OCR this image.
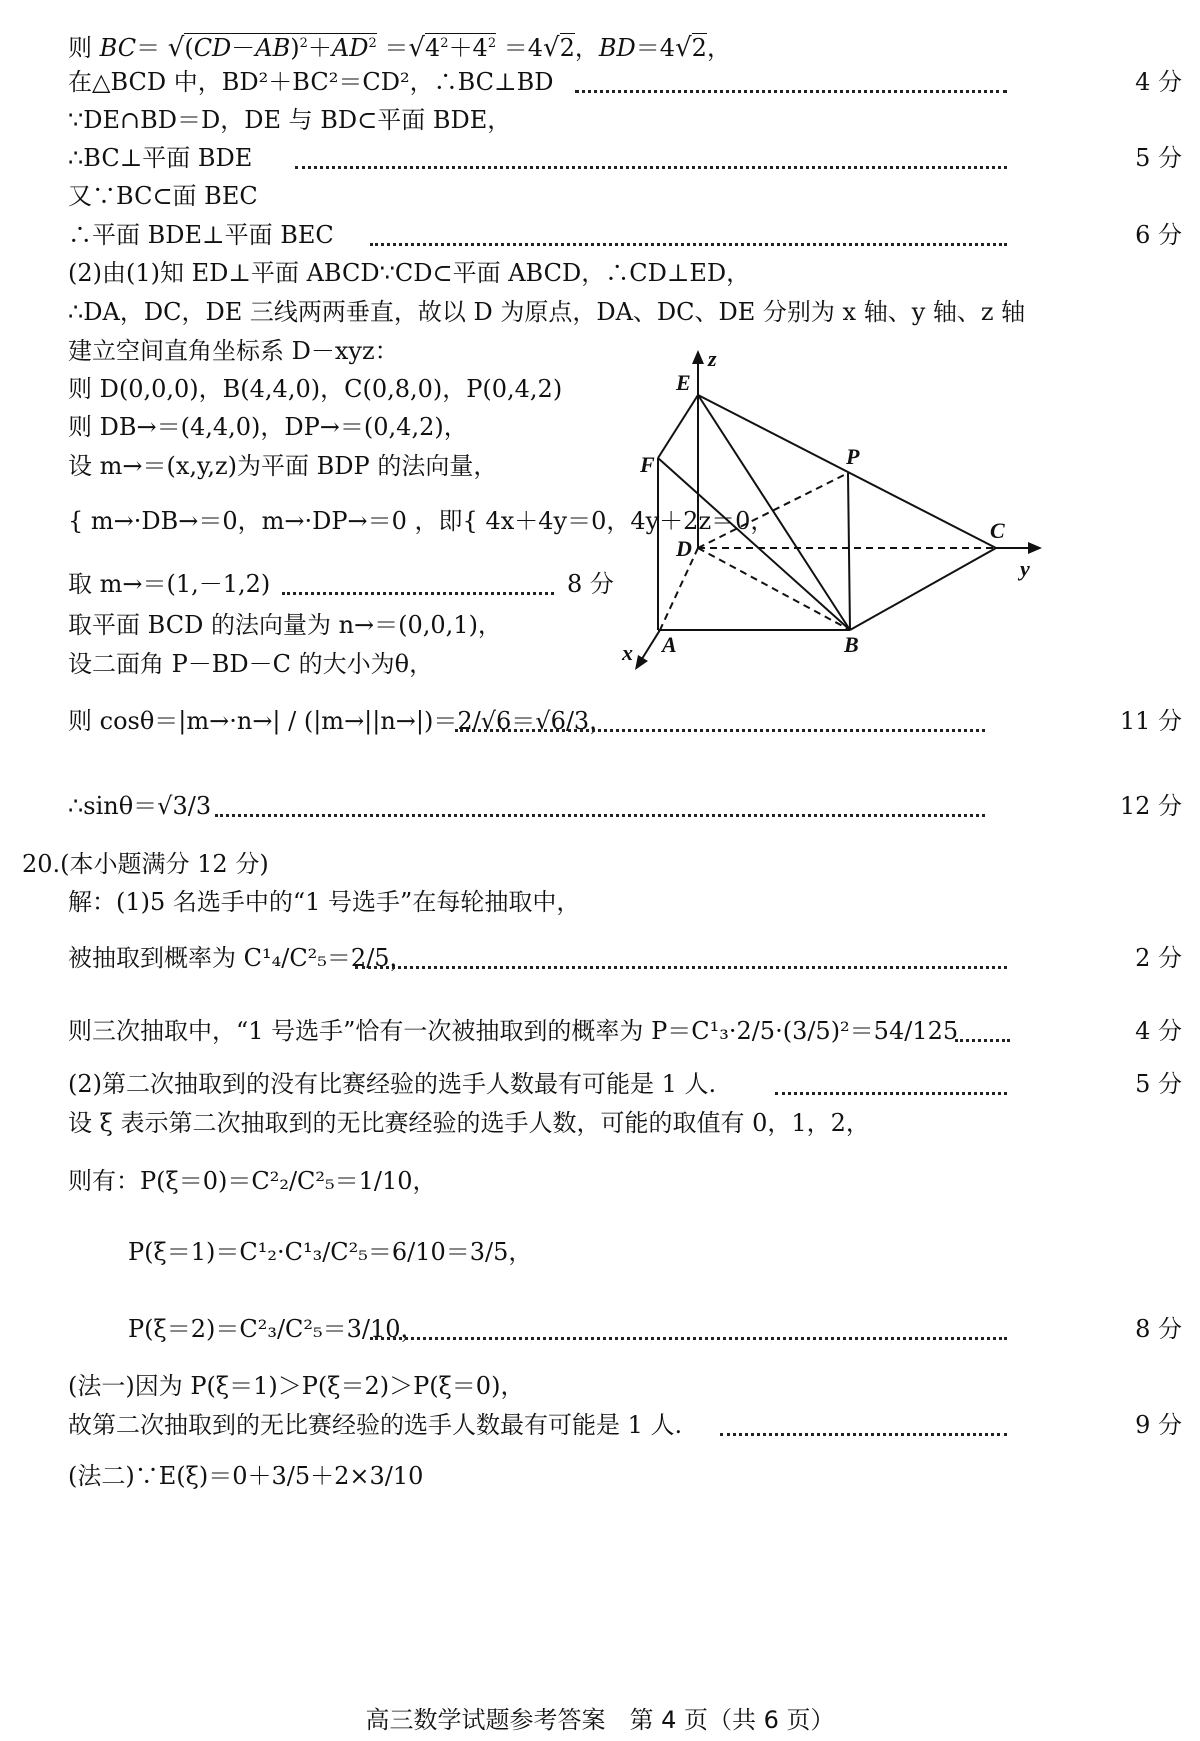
则 $BC= √(CD-AB)^2+AD^2 =√4^2+4^2 =4√2$，BD＝4√2，
在△BCD 中，BD²＋BC²＝CD²，∴BC⊥BD	4 分
∵DE∩BD＝D，DE 与 BD⊂平面 BDE，
∴BC⊥平面 BDE	5 分
又∵BC⊂面 BEC
∴平面 BDE⊥平面 BEC	6 分
(2)由(1)知 ED⊥平面 ABCD∵CD⊂平面 ABCD，∴CD⊥ED，
∴DA，DC，DE 三线两两垂直，故以 D 为原点，DA、DC、DE 分别为 x 轴、y 轴、z 轴
建立空间直角坐标系 D－xyz：
则 D(0,0,0)，B(4,4,0)，C(0,8,0)，P(0,4,2)
则 DB→＝(4,4,0)，DP→＝(0,4,2)，
设 m→＝(x,y,z)为平面 BDP 的法向量，
{ m→·DB→＝0，m→·DP→＝0 ，即{ 4x＋4y＝0，4y＋2z＝0，
取 m→＝(1,－1,2)	8 分
取平面 BCD 的法向量为 n→＝(0,0,1)，
设二面角 P－BD－C 的大小为θ，
则 cosθ＝|m→·n→| / (|m→||n→|)＝2/√6＝√6/3，	11 分
∴sinθ＝√3/3	12 分
20.(本小题满分 12 分)
解：(1)5 名选手中的“1 号选手”在每轮抽取中，
被抽取到概率为 C¹₄/C²₅＝2/5，	2 分
则三次抽取中，“1 号选手”恰有一次被抽取到的概率为 P＝C¹₃·2/5·(3/5)²＝54/125	4 分
(2)第二次抽取到的没有比赛经验的选手人数最有可能是 1 人.	5 分
设 ξ 表示第二次抽取到的无比赛经验的选手人数，可能的取值有 0，1，2，
则有：P(ξ＝0)＝C²₂/C²₅＝1/10，
P(ξ＝1)＝C¹₂·C¹₃/C²₅＝6/10＝3/5，
P(ξ＝2)＝C²₃/C²₅＝3/10，	8 分
(法一)因为 P(ξ＝1)＞P(ξ＝2)＞P(ξ＝0)，
故第二次抽取到的无比赛经验的选手人数最有可能是 1 人.	9 分
(法二)∵E(ξ)＝0＋3/5＋2×3/10
E
F	P
C
D
A	B
x
y
z
高三数学试题参考答案　第 4 页（共 6 页）
